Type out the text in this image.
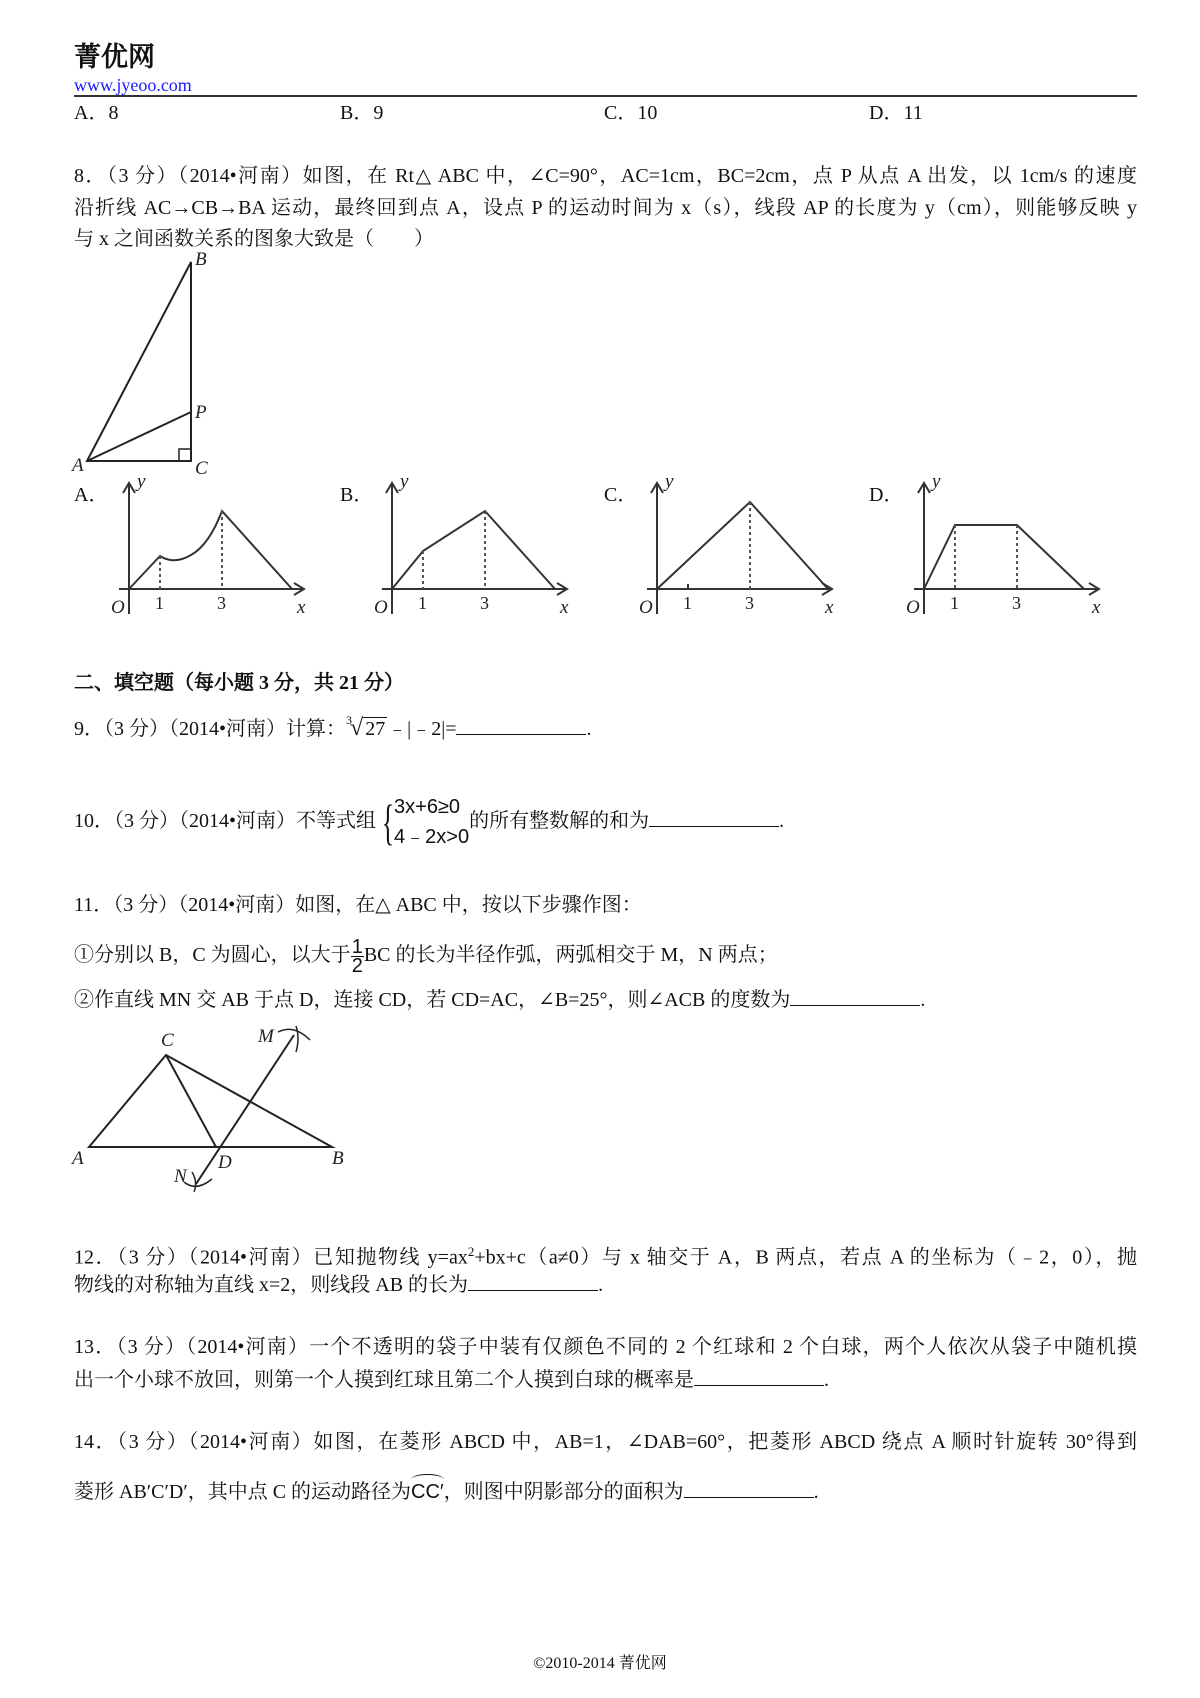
菁优网
www.jyeoo.com
A．8	B．9	C．10	D．11
8．（3 分）（2014•河南）如图，在 Rt△ ABC 中，∠C=90°，AC=1cm，BC=2cm，点 P 从点 A 出发，以 1cm/s 的速度
沿折线 AC→CB→BA 运动，最终回到点 A，设点 P 的运动时间为 x（s），线段 AP 的长度为 y（cm），则能够反映 y
与 x 之间函数关系的图象大致是（　　）
B
P
A	C
A．	B．	C．	D．
y
x
O 1	3
y
x
O 1	3
y
x
O 1	3
y
x
O 1	3
二、填空题（每小题 3 分，共 21 分）
9．（3 分）（2014•河南）计算： 3
√ 27 ﹣|﹣2|=	.
10．（3 分）（2014•河南）不等式组 { 3x+6≥0
4﹣2x>0
的所有整数解的和为	.
11．（3 分）（2014•河南）如图，在△ ABC 中，按以下步骤作图：
①分别以 B，C 为圆心，以大于 $\frac{1}{2}$ BC 的长为半径作弧，两弧相交于 M，N 两点；
②作直线 MN 交 AB 于点 D，连接 CD，若 CD=AC，∠B=25°，则∠ACB 的度数为	.
C	M
A	D	B
N
12．（3 分）（2014•河南）已知抛物线 $y=ax^2+bx+c(a\ne 0)$与 x 轴交于 A，B 两点，若点 A 的坐标为（﹣2，0），抛
物线的对称轴为直线 x=2，则线段 AB 的长为	.
13．（3 分）（2014•河南）一个不透明的袋子中装有仅颜色不同的 2 个红球和 2 个白球，两个人依次从袋子中随机摸
出一个小球不放回，则第一个人摸到红球且第二个人摸到白球的概率是	.
14．（3 分）（2014•河南）如图，在菱形 ABCD 中，AB=1，∠DAB=60°，把菱形 ABCD 绕点 A 顺时针旋转 30°得到
菱形 AB′C′D′，其中点 C 的运动路径为CC′，则图中阴影部分的面积为	.
©2010-2014 菁优网
